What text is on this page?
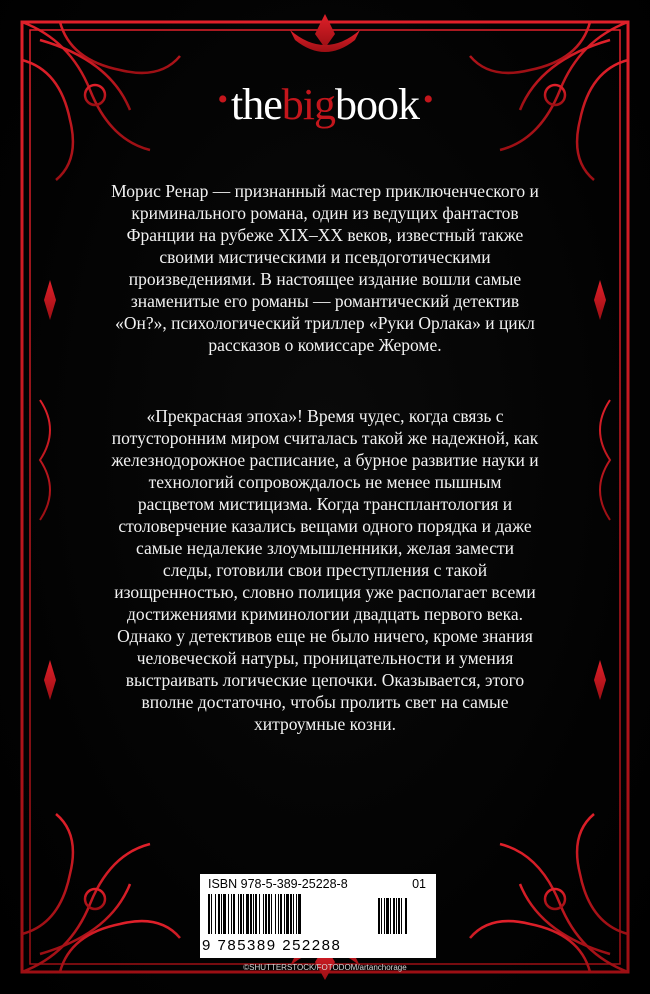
•thebigbook •
Морис Ренар — признанный мастер приключенческого и криминального романа, один из ведущих фантастов Франции на рубеже XIX–XX веков, известный также своими мистическими и псевдоготическими произведениями. В настоящее издание вошли самые знаменитые его романы — романтический детектив «Он?», психологический триллер «Руки Орлака» и цикл рассказов о комиссаре Жероме.
«Прекрасная эпоха»! Время чудес, когда связь с потусторонним миром считалась такой же надежной, как железнодорожное расписание, а бурное развитие науки и технологий сопровождалось не менее пышным расцветом мистицизма. Когда трансплантология и столоверчение казались вещами одного порядка и даже самые недалекие злоумышленники, желая замести следы, готовили свои преступления с такой изощренностью, словно полиция уже располагает всеми достижениями криминологии двадцать первого века. Однако у детективов еще не было ничего, кроме знания человеческой натуры, проницательности и умения выстраивать логические цепочки. Оказывается, этого вполне достаточно, чтобы пролить свет на самые хитроумные козни.
ISBN 978-5-389-25228-8	01
9 785389 252288
©SHUTTERSTOCK/FOTODOM/artanchorage
